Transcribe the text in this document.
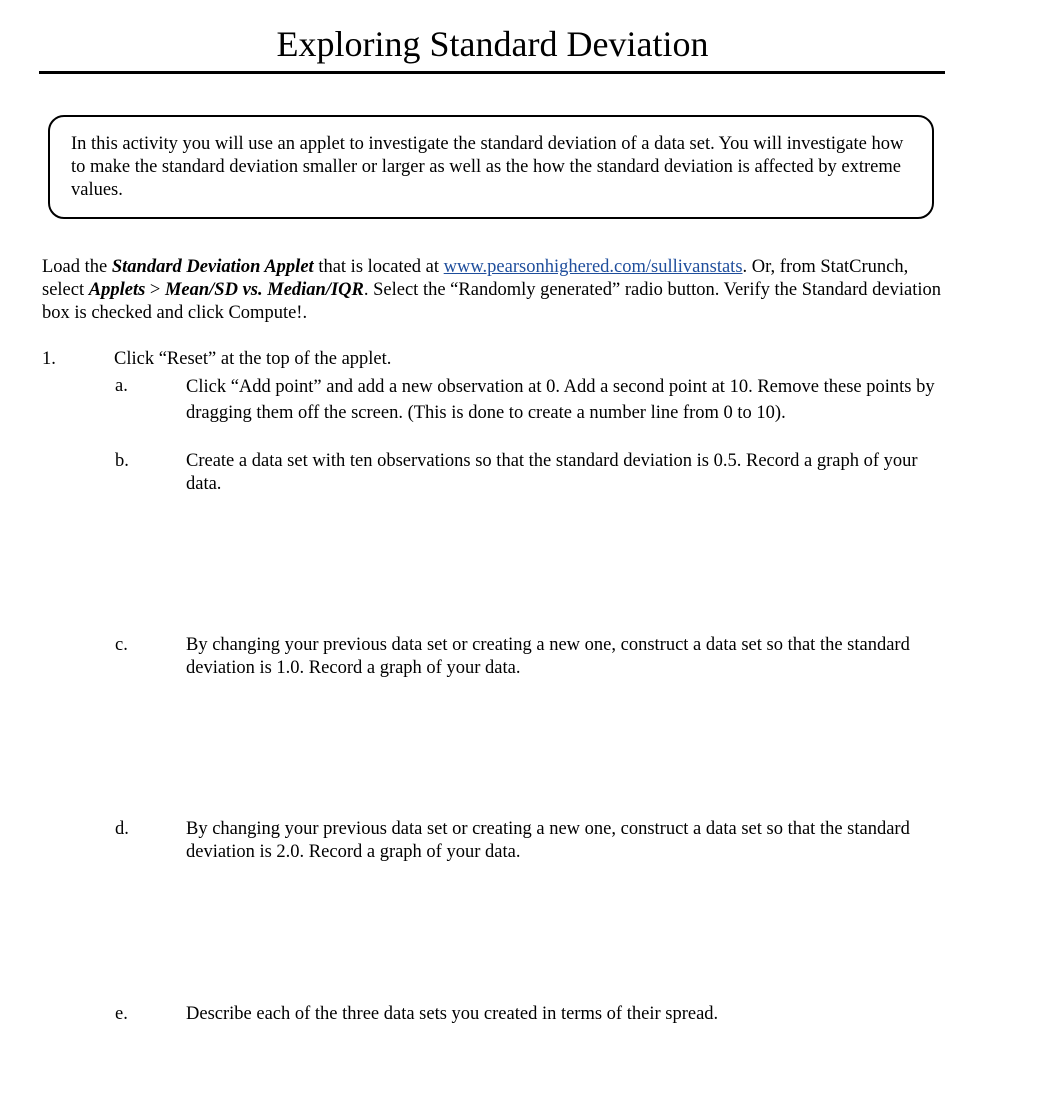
Exploring Standard Deviation
In this activity you will use an applet to investigate the standard deviation of a data set. You will investigate how to make the standard deviation smaller or larger as well as the how the standard deviation is affected by extreme values.
Load the Standard Deviation Applet that is located at www.pearsonhighered.com/sullivanstats. Or, from StatCrunch, select Applets > Mean/SD vs. Median/IQR. Select the “Randomly generated” radio button. Verify the Standard deviation box is checked and click Compute!.
1.	Click “Reset” at the top of the applet.
a.	Click “Add point” and add a new observation at 0. Add a second point at 10. Remove these points by dragging them off the screen. (This is done to create a number line from 0 to 10).
b.	Create a data set with ten observations so that the standard deviation is 0.5. Record a graph of your data.
c.	By changing your previous data set or creating a new one, construct a data set so that the standard deviation is 1.0. Record a graph of your data.
d.	By changing your previous data set or creating a new one, construct a data set so that the standard deviation is 2.0. Record a graph of your data.
e.	Describe each of the three data sets you created in terms of their spread.
